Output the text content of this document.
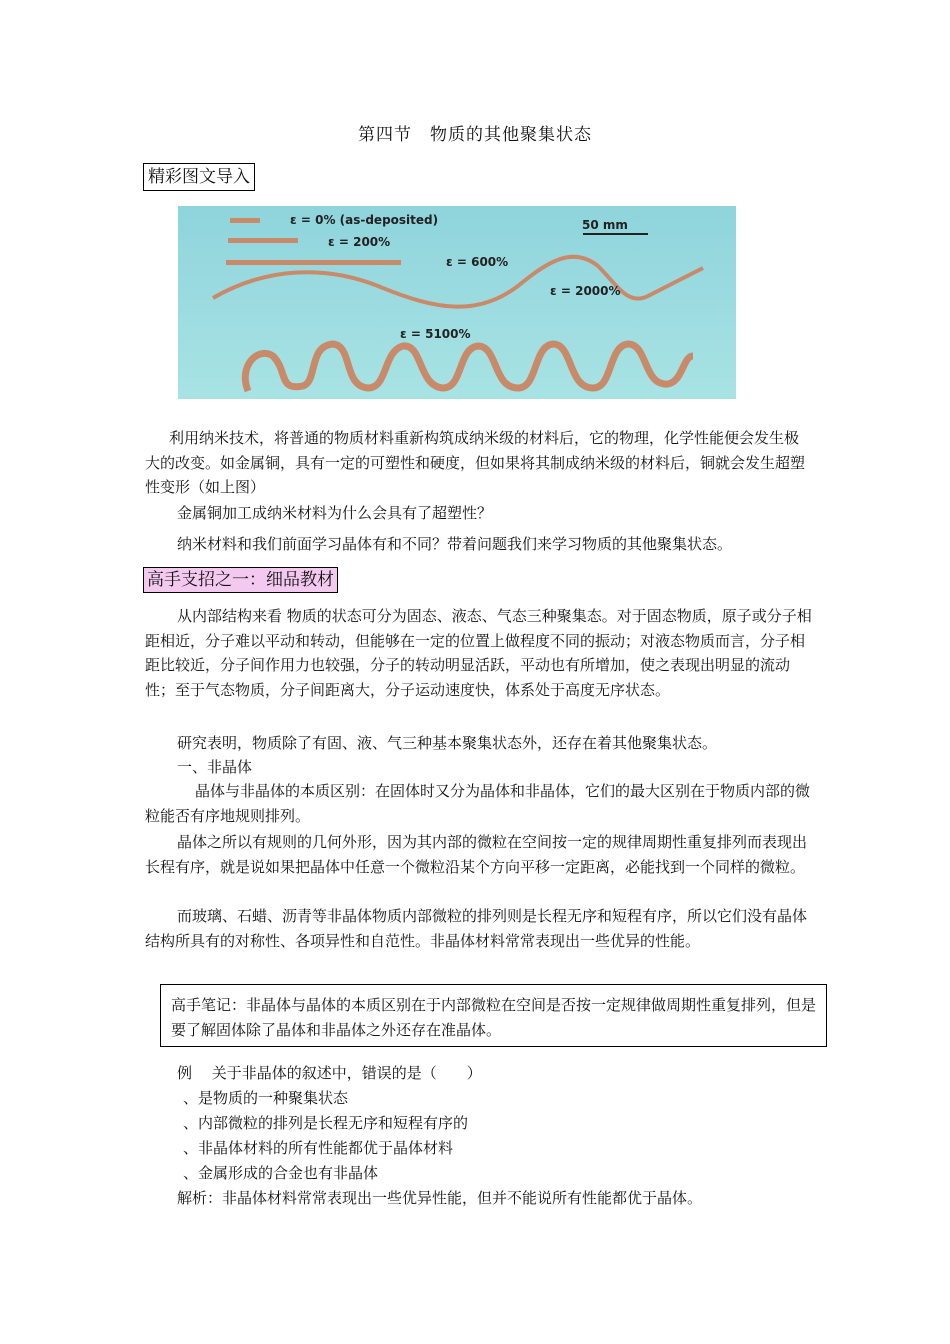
第四节　物质的其他聚集状态
精彩图文导入
ε = 0% (as-deposited)
ε = 200%
ε = 600%
ε = 2000%
ε = 5100%
50 mm

利用纳米技术，将普通的物质材料重新构筑成纳米级的材料后，它的物理，化学性能便会发生极大的改变。如金属铜，具有一定的可塑性和硬度，但如果将其制成纳米级的材料后，铜就会发生超塑性变形（如上图）

金属铜加工成纳米材料为什么会具有了超塑性？

纳米材料和我们前面学习晶体有和不同？带着问题我们来学习物质的其他聚集状态。

高手支招之一：细品教材

从内部结构来看 物质的状态可分为固态、液态、气态三种聚集态。对于固态物质，原子或分子相距相近，分子难以平动和转动，但能够在一定的位置上做程度不同的振动；对液态物质而言，分子相距比较近，分子间作用力也较强，分子的转动明显活跃，平动也有所增加，使之表现出明显的流动性；至于气态物质，分子间距离大，分子运动速度快，体系处于高度无序状态。

研究表明，物质除了有固、液、气三种基本聚集状态外，还存在着其他聚集状态。

一、非晶体

晶体与非晶体的本质区别：在固体时又分为晶体和非晶体，它们的最大区别在于物质内部的微粒能否有序地规则排列。

晶体之所以有规则的几何外形，因为其内部的微粒在空间按一定的规律周期性重复排列而表现出长程有序，就是说如果把晶体中任意一个微粒沿某个方向平移一定距离，必能找到一个同样的微粒。

而玻璃、石蜡、沥青等非晶体物质内部微粒的排列则是长程无序和短程有序，所以它们没有晶体结构所具有的对称性、各项异性和自范性。非晶体材料常常表现出一些优异的性能。

高手笔记：非晶体与晶体的本质区别在于内部微粒在空间是否按一定规律做周期性重复排列，但是要了解固体除了晶体和非晶体之外还存在准晶体。

例　 关于非晶体的叙述中，错误的是（　　）

、是物质的一种聚集状态

、内部微粒的排列是长程无序和短程有序的

、非晶体材料的所有性能都优于晶体材料

、金属形成的合金也有非晶体

解析：非晶体材料常常表现出一些优异性能，但并不能说所有性能都优于晶体。
